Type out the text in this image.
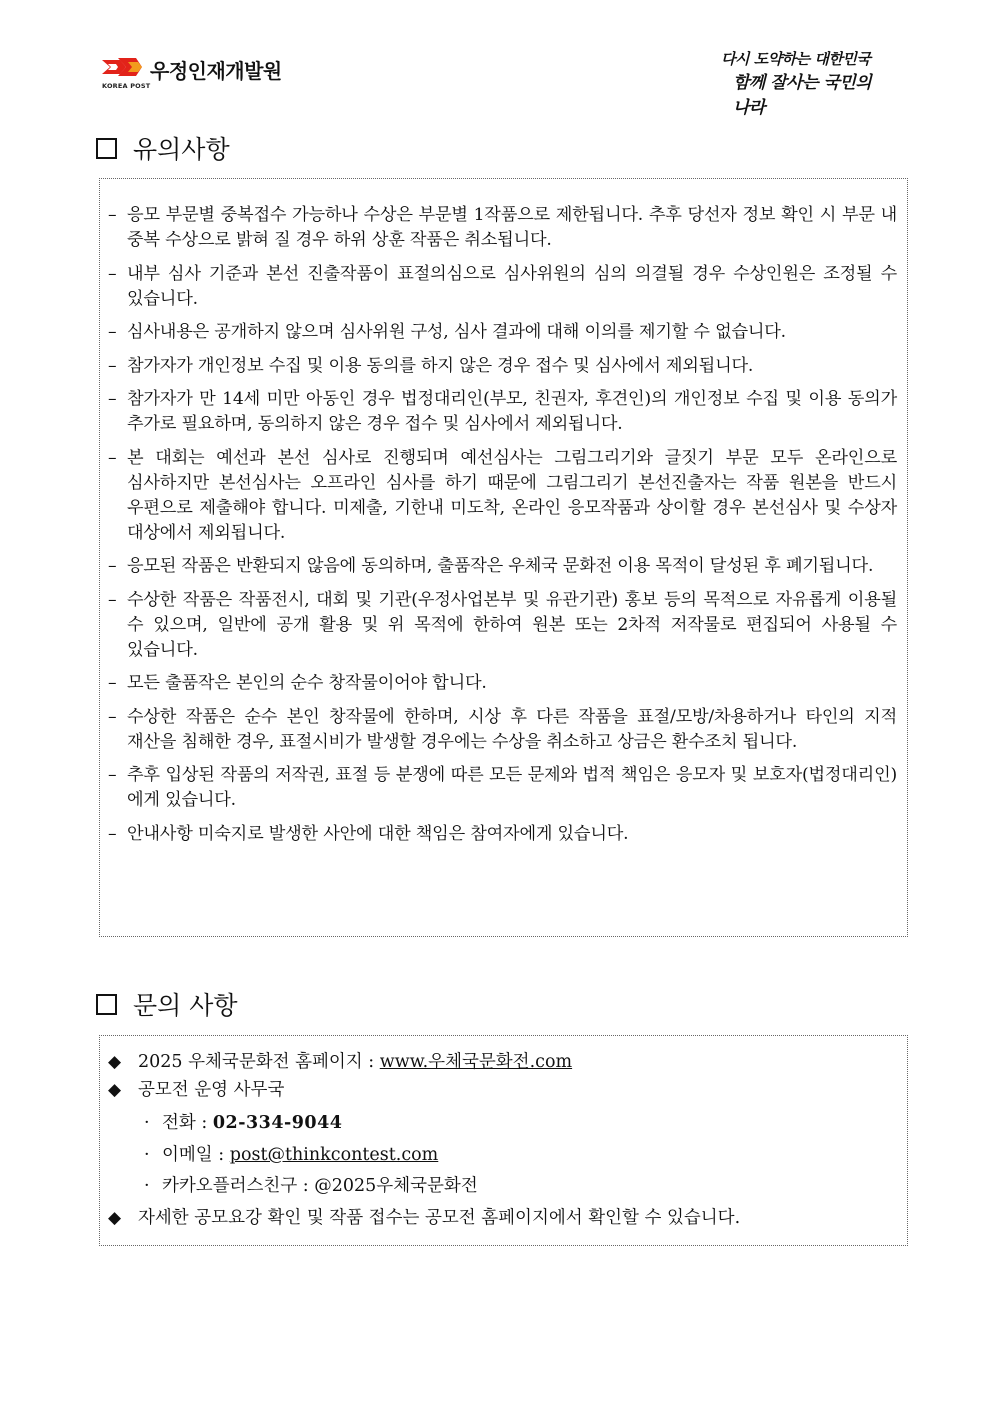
우정인재개발원
KOREA POST
다시 도약하는 대한민국
함께 잘사는 국민의 나라
유의사항
– 응모 부문별 중복접수 가능하나 수상은 부문별 1작품으로 제한됩니다. 추후 당선자 정보 확인 시 부문 내 중복 수상으로 밝혀 질 경우 하위 상훈 작품은 취소됩니다.
– 내부 심사 기준과 본선 진출작품이 표절의심으로 심사위원의 심의 의결될 경우 수상인원은 조정될 수 있습니다.
– 심사내용은 공개하지 않으며 심사위원 구성, 심사 결과에 대해 이의를 제기할 수 없습니다.
– 참가자가 개인정보 수집 및 이용 동의를 하지 않은 경우 접수 및 심사에서 제외됩니다.
– 참가자가 만 14세 미만 아동인 경우 법정대리인(부모, 친권자, 후견인)의 개인정보 수집 및 이용 동의가 추가로 필요하며, 동의하지 않은 경우 접수 및 심사에서 제외됩니다.
– 본 대회는 예선과 본선 심사로 진행되며 예선심사는 그림그리기와 글짓기 부문 모두 온라인으로 심사하지만 본선심사는 오프라인 심사를 하기 때문에 그림그리기 본선진출자는 작품 원본을 반드시 우편으로 제출해야 합니다. 미제출, 기한내 미도착, 온라인 응모작품과 상이할 경우 본선심사 및 수상자 대상에서 제외됩니다.
– 응모된 작품은 반환되지 않음에 동의하며, 출품작은 우체국 문화전 이용 목적이 달성된 후 폐기됩니다.
– 수상한 작품은 작품전시, 대회 및 기관(우정사업본부 및 유관기관) 홍보 등의 목적으로 자유롭게 이용될 수 있으며, 일반에 공개 활용 및 위 목적에 한하여 원본 또는 2차적 저작물로 편집되어 사용될 수 있습니다.
– 모든 출품작은 본인의 순수 창작물이어야 합니다.
– 수상한 작품은 순수 본인 창작물에 한하며, 시상 후 다른 작품을 표절/모방/차용하거나 타인의 지적 재산을 침해한 경우, 표절시비가 발생할 경우에는 수상을 취소하고 상금은 환수조치 됩니다.
– 추후 입상된 작품의 저작권, 표절 등 분쟁에 따른 모든 문제와 법적 책임은 응모자 및 보호자(법정대리인)에게 있습니다.
– 안내사항 미숙지로 발생한 사안에 대한 책임은 참여자에게 있습니다.
문의 사항
◆ 2025 우체국문화전 홈페이지 : www.우체국문화전.com
◆ 공모전 운영 사무국
· 전화 : 02-334-9044
· 이메일 : post@thinkcontest.com
· 카카오플러스친구 : @2025우체국문화전
◆ 자세한 공모요강 확인 및 작품 접수는 공모전 홈페이지에서 확인할 수 있습니다.
